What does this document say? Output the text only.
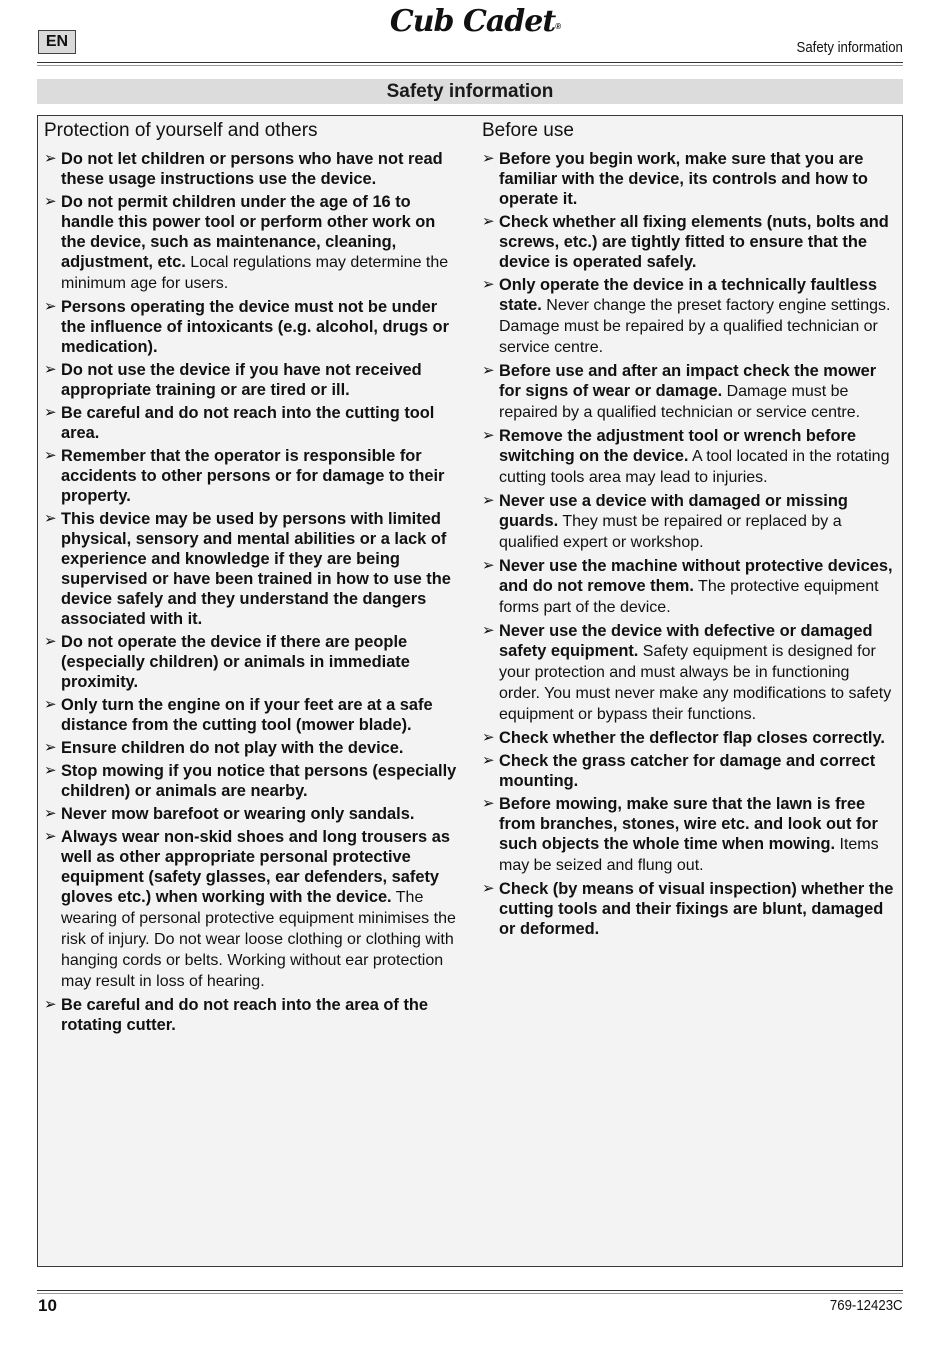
EN
Cub Cadet®
Safety information
Safety information
Protection of yourself and others
➢ Do not let children or persons who have not read these usage instructions use the device.
➢ Do not permit children under the age of 16 to handle this power tool or perform other work on the device, such as maintenance, cleaning, adjustment, etc. Local regulations may determine the minimum age for users.
➢ Persons operating the device must not be under the influence of intoxicants (e.g. alcohol, drugs or medication).
➢ Do not use the device if you have not received appropriate training or are tired or ill.
➢ Be careful and do not reach into the cutting tool area.
➢ Remember that the operator is responsible for accidents to other persons or for damage to their property.
➢ This device may be used by persons with limited physical, sensory and mental abilities or a lack of experience and knowledge if they are being supervised or have been trained in how to use the device safely and they understand the dangers associated with it.
➢ Do not operate the device if there are people (especially children) or animals in immediate proximity.
➢ Only turn the engine on if your feet are at a safe distance from the cutting tool (mower blade).
➢ Ensure children do not play with the device.
➢ Stop mowing if you notice that persons (especially children) or animals are nearby.
➢ Never mow barefoot or wearing only sandals.
➢ Always wear non-skid shoes and long trousers as well as other appropriate personal protective equipment (safety glasses, ear defenders, safety gloves etc.) when working with the device. The wearing of personal protective equipment minimises the risk of injury. Do not wear loose clothing or clothing with hanging cords or belts. Working without ear protection may result in loss of hearing.
➢ Be careful and do not reach into the area of the rotating cutter.
Before use
➢ Before you begin work, make sure that you are familiar with the device, its controls and how to operate it.
➢ Check whether all fixing elements (nuts, bolts and screws, etc.) are tightly fitted to ensure that the device is operated safely.
➢ Only operate the device in a technically faultless state. Never change the preset factory engine settings. Damage must be repaired by a qualified technician or service centre.
➢ Before use and after an impact check the mower for signs of wear or damage. Damage must be repaired by a qualified technician or service centre.
➢ Remove the adjustment tool or wrench before switching on the device. A tool located in the rotating cutting tools area may lead to injuries.
➢ Never use a device with damaged or missing guards. They must be repaired or replaced by a qualified expert or workshop.
➢ Never use the machine without protective devices, and do not remove them. The protective equipment forms part of the device.
➢ Never use the device with defective or damaged safety equipment. Safety equipment is designed for your protection and must always be in functioning order. You must never make any modifications to safety equipment or bypass their functions.
➢ Check whether the deflector flap closes correctly.
➢ Check the grass catcher for damage and correct mounting.
➢ Before mowing, make sure that the lawn is free from branches, stones, wire etc. and look out for such objects the whole time when mowing. Items may be seized and flung out.
➢ Check (by means of visual inspection) whether the cutting tools and their fixings are blunt, damaged or deformed.
10	769-12423C
